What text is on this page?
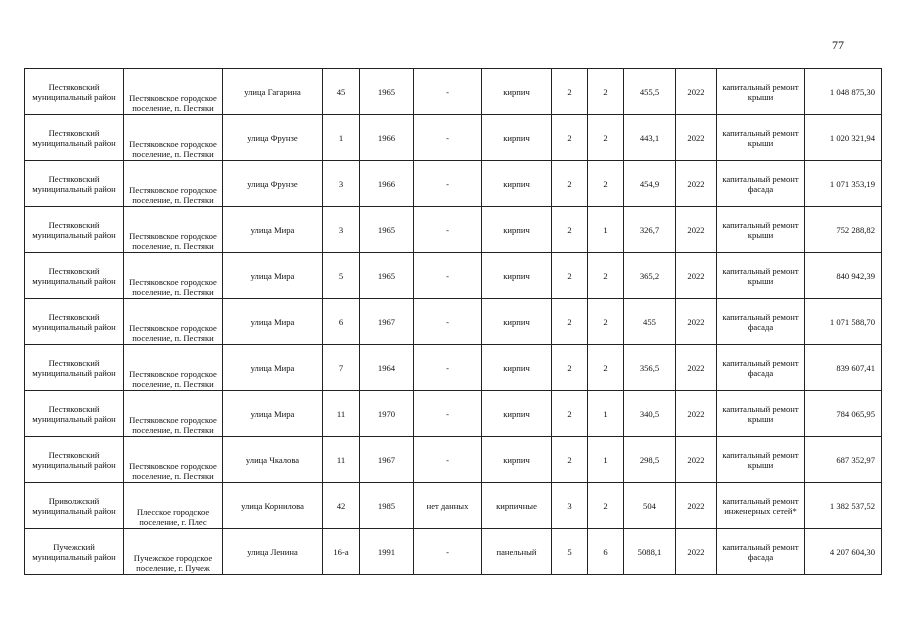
77
Пестяковский муниципальный район	Пестяковское городское поселение, п. Пестяки	улица Гагарина	45	1965	-	кирпич	2	2	455,5	2022	капитальный ремонт крыши	1 048 875,30
Пестяковский муниципальный район	Пестяковское городское поселение, п. Пестяки	улица Фрунзе	1	1966	-	кирпич	2	2	443,1	2022	капитальный ремонт крыши	1 020 321,94
Пестяковский муниципальный район	Пестяковское городское поселение, п. Пестяки	улица Фрунзе	3	1966	-	кирпич	2	2	454,9	2022	капитальный ремонт фасада	1 071 353,19
Пестяковский муниципальный район	Пестяковское городское поселение, п. Пестяки	улица Мира	3	1965	-	кирпич	2	1	326,7	2022	капитальный ремонт крыши	752 288,82
Пестяковский муниципальный район	Пестяковское городское поселение, п. Пестяки	улица Мира	5	1965	-	кирпич	2	2	365,2	2022	капитальный ремонт крыши	840 942,39
Пестяковский муниципальный район	Пестяковское городское поселение, п. Пестяки	улица Мира	6	1967	-	кирпич	2	2	455	2022	капитальный ремонт фасада	1 071 588,70
Пестяковский муниципальный район	Пестяковское городское поселение, п. Пестяки	улица Мира	7	1964	-	кирпич	2	2	356,5	2022	капитальный ремонт фасада	839 607,41
Пестяковский муниципальный район	Пестяковское городское поселение, п. Пестяки	улица Мира	11	1970	-	кирпич	2	1	340,5	2022	капитальный ремонт крыши	784 065,95
Пестяковский муниципальный район	Пестяковское городское поселение, п. Пестяки	улица Чкалова	11	1967	-	кирпич	2	1	298,5	2022	капитальный ремонт крыши	687 352,97
Приволжский муниципальный район	Плесское городское поселение, г. Плес	улица Корнилова	42	1985	нет данных	кирпичные	3	2	504	2022	капитальный ремонт инженерных сетей*	1 382 537,52
Пучежский муниципальный район	Пучежское городское поселение, г. Пучеж	улица Ленина	16-а	1991	-	панельный	5	6	5088,1	2022	капитальный ремонт фасада	4 207 604,30
